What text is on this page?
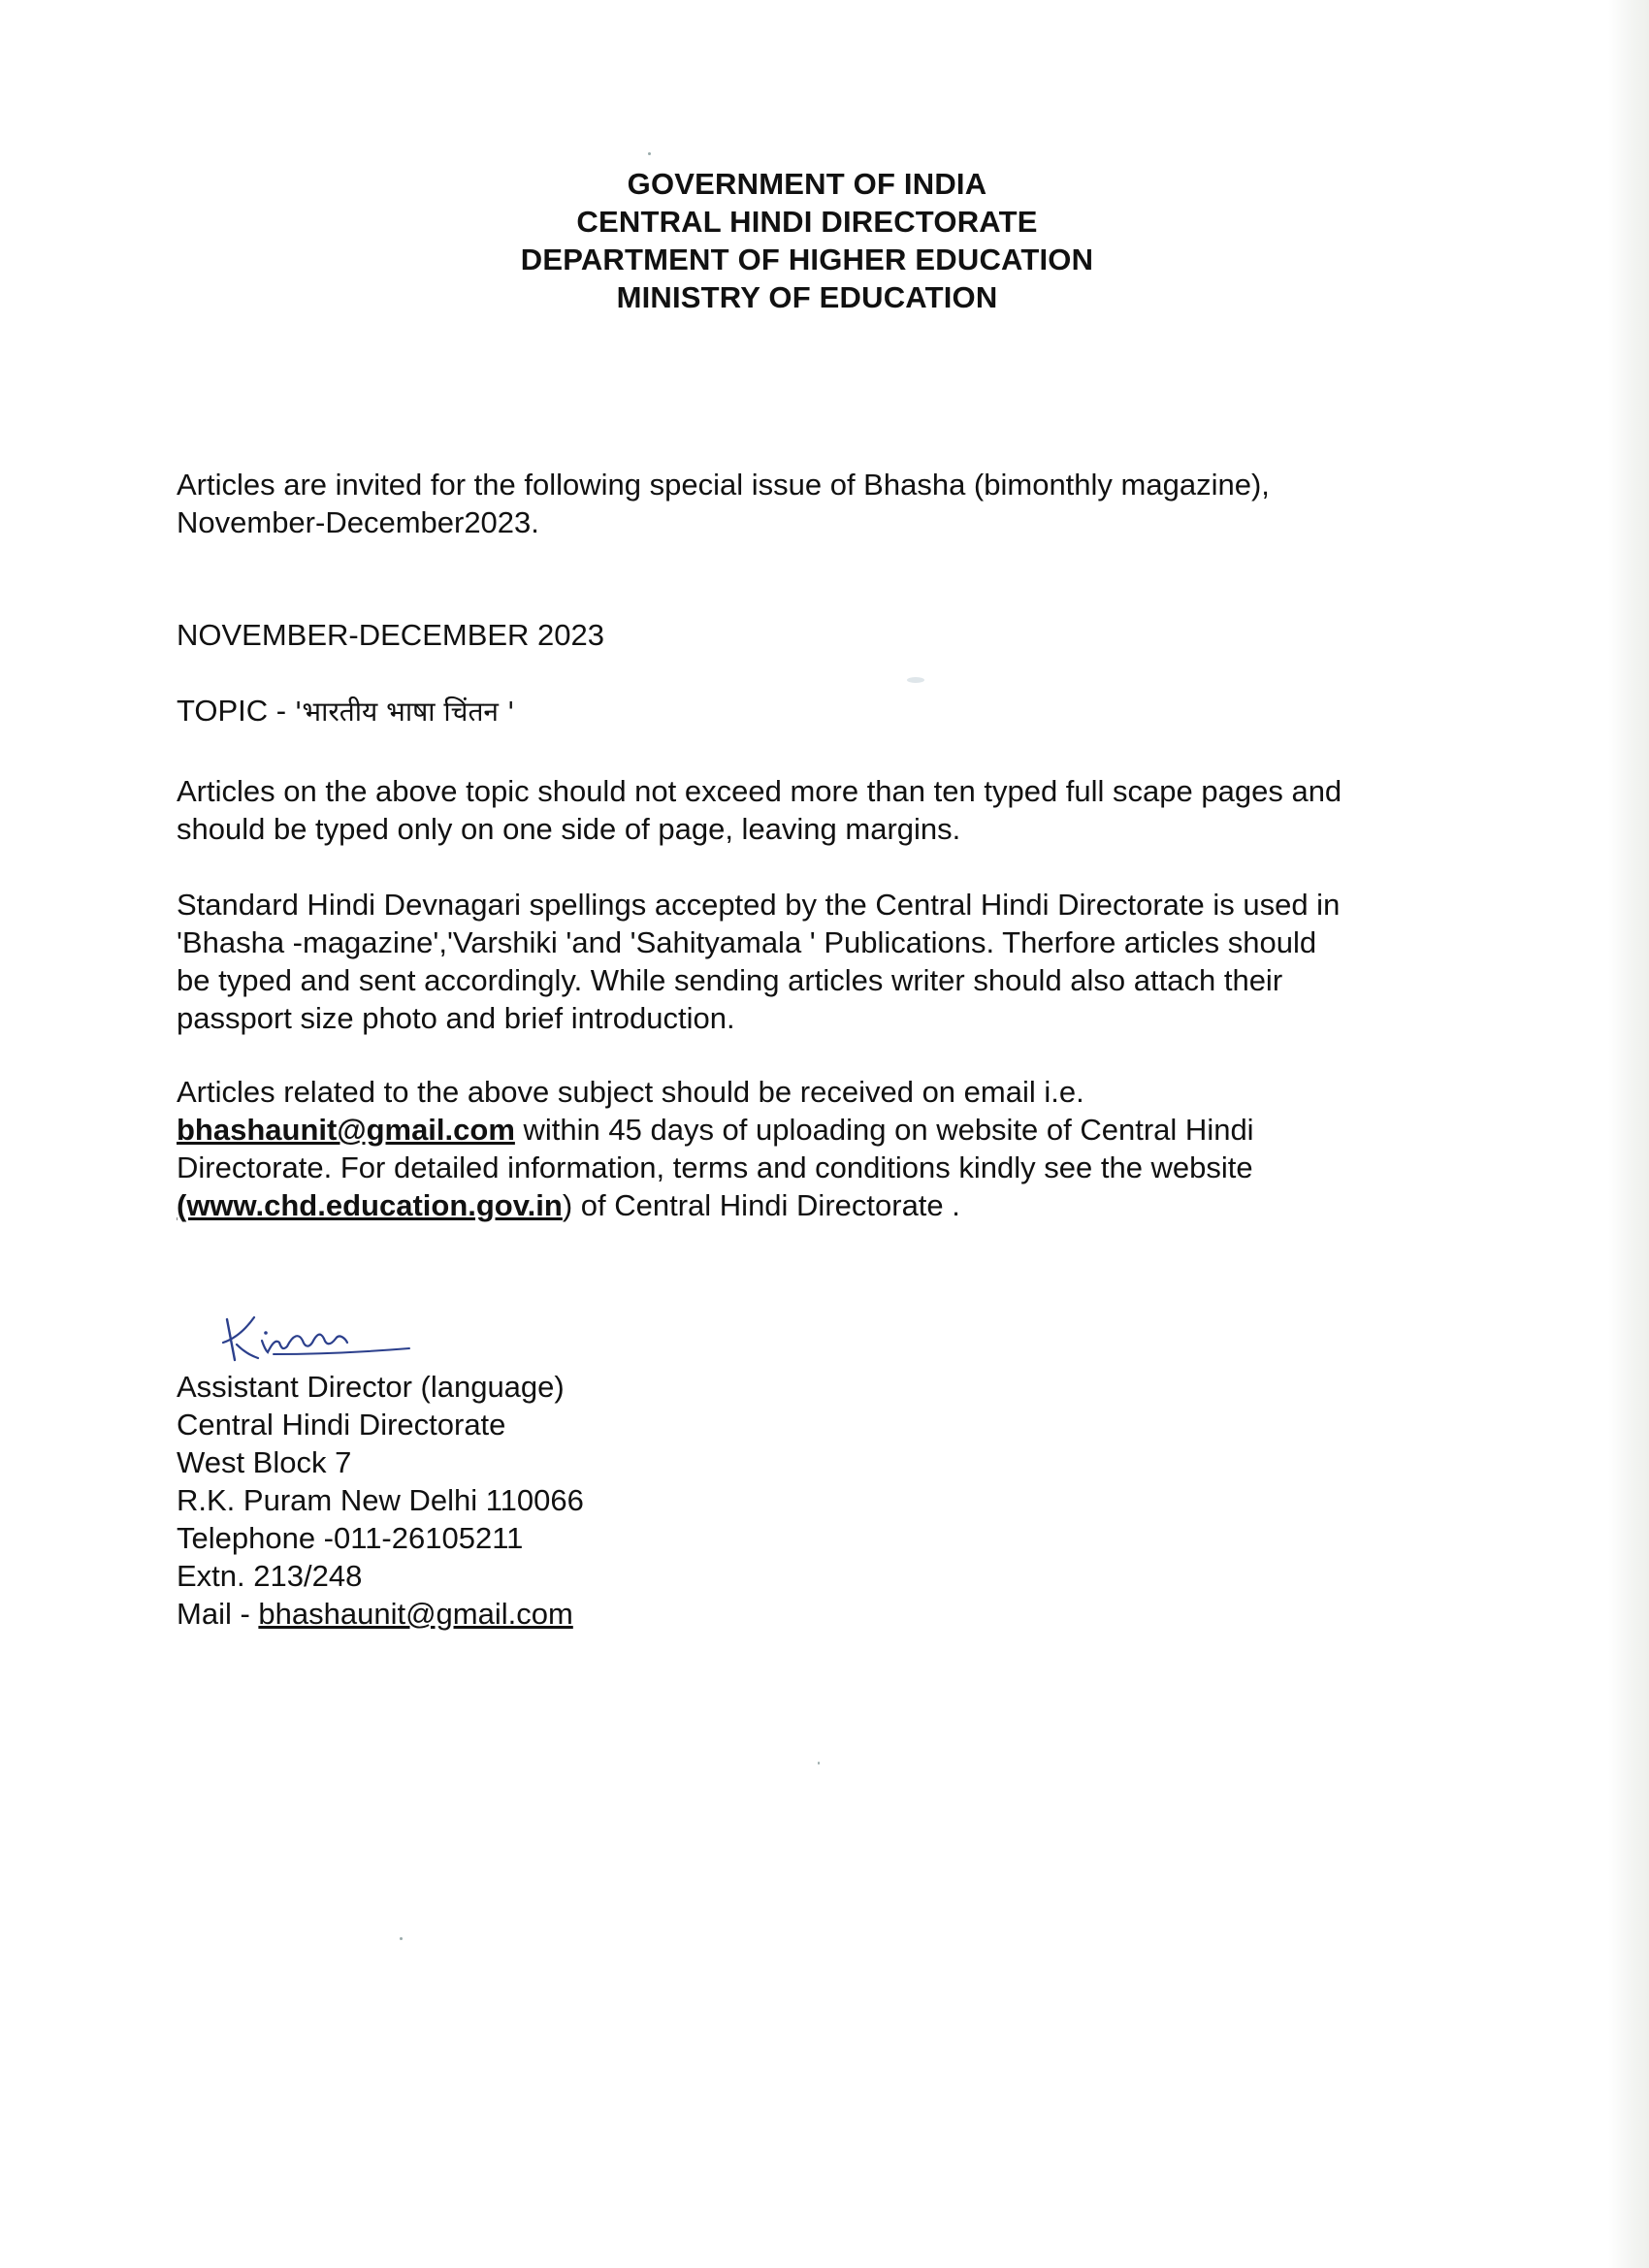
GOVERNMENT OF INDIA
CENTRAL HINDI DIRECTORATE
DEPARTMENT OF HIGHER EDUCATION
MINISTRY OF EDUCATION

Articles are invited for the following special issue of Bhasha (bimonthly magazine),

November-December2023.

NOVEMBER-DECEMBER 2023

TOPIC - 'भारतीय भाषा चिंतन '

Articles on the above topic should not exceed more than ten typed full scape pages and

should be typed only on one side of page, leaving margins.

Standard Hindi Devnagari spellings accepted by the Central Hindi Directorate is used in

'Bhasha -magazine','Varshiki 'and 'Sahityamala ' Publications. Therfore articles should

be typed and sent accordingly. While sending articles writer should also attach their

passport size photo and brief introduction.

Articles related to the above subject should be received on email i.e.

bhashaunit@gmail.com within 45 days of uploading on website of Central Hindi

Directorate. For detailed information, terms and conditions kindly see the website

(www.chd.education.gov.in) of Central Hindi Directorate .

Assistant Director (language)

Central Hindi Directorate

West Block 7

R.K. Puram New Delhi 110066

Telephone -011-26105211

Extn. 213/248

Mail - bhashaunit@gmail.com
